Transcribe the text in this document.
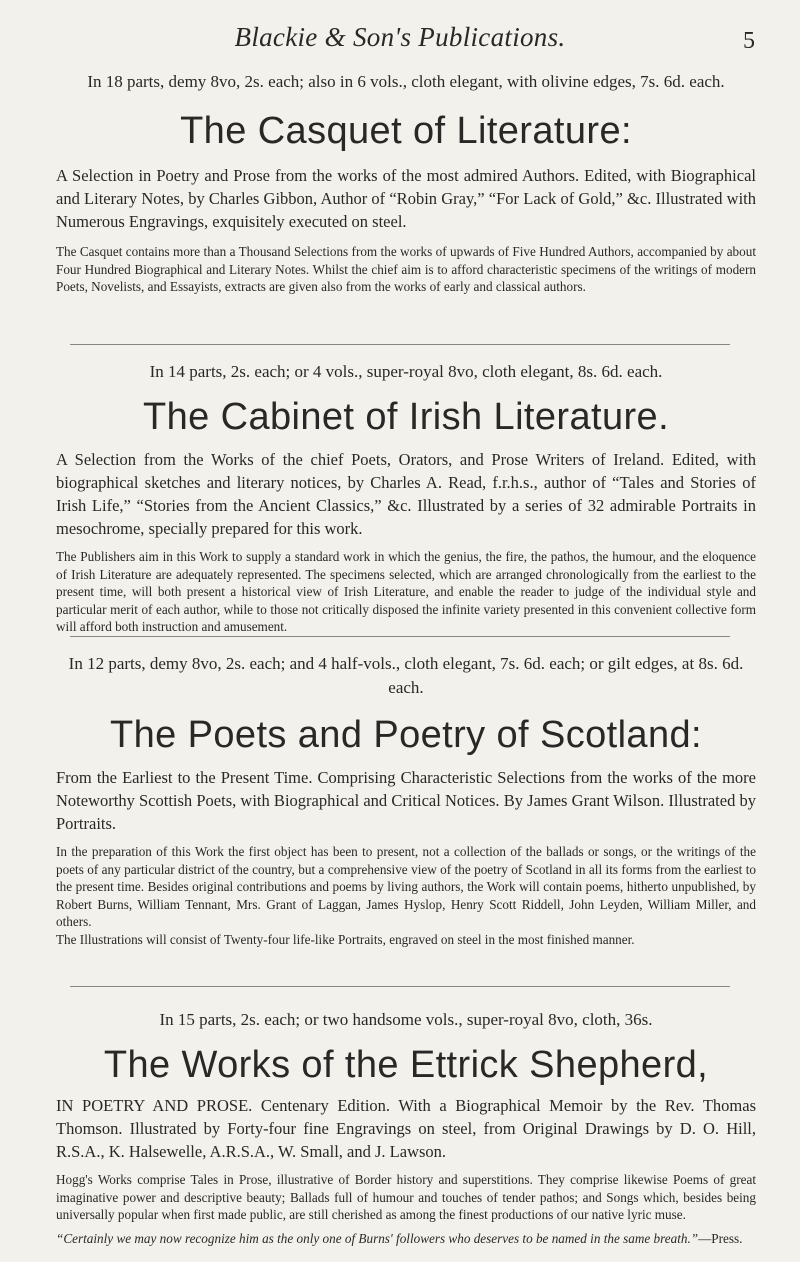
Blackie & Son's Publications.	5

In 18 parts, demy 8vo, 2s. each; also in 6 vols., cloth elegant, with olivine edges, 7s. 6d. each.

The Casquet of Literature:

A Selection in Poetry and Prose from the works of the most admired Authors. Edited, with Biographical and Literary Notes, by Charles Gibbon, Author of “Robin Gray,” “For Lack of Gold,” &c. Illustrated with Numerous Engravings, exquisitely executed on steel.

The Casquet contains more than a Thousand Selections from the works of upwards of Five Hundred Authors, accompanied by about Four Hundred Biographical and Literary Notes. Whilst the chief aim is to afford characteristic specimens of the writings of modern Poets, Novelists, and Essayists, extracts are given also from the works of early and classical authors.

In 14 parts, 2s. each; or 4 vols., super-royal 8vo, cloth elegant, 8s. 6d. each.

The Cabinet of Irish Literature.

A Selection from the Works of the chief Poets, Orators, and Prose Writers of Ireland. Edited, with biographical sketches and literary notices, by Charles A. Read, f.r.h.s., author of “Tales and Stories of Irish Life,” “Stories from the Ancient Classics,” &c. Illustrated by a series of 32 admirable Portraits in mesochrome, specially prepared for this work.

The Publishers aim in this Work to supply a standard work in which the genius, the fire, the pathos, the humour, and the eloquence of Irish Literature are adequately represented. The specimens selected, which are arranged chronologically from the earliest to the present time, will both present a historical view of Irish Literature, and enable the reader to judge of the individual style and particular merit of each author, while to those not critically disposed the infinite variety presented in this convenient collective form will afford both instruction and amusement.

In 12 parts, demy 8vo, 2s. each; and 4 half-vols., cloth elegant, 7s. 6d. each; or gilt edges, at 8s. 6d. each.

The Poets and Poetry of Scotland:

From the Earliest to the Present Time. Comprising Characteristic Selections from the works of the more Noteworthy Scottish Poets, with Biographical and Critical Notices. By James Grant Wilson. Illustrated by Portraits.

In the preparation of this Work the first object has been to present, not a collection of the ballads or songs, or the writings of the poets of any particular district of the country, but a comprehensive view of the poetry of Scotland in all its forms from the earliest to the present time. Besides original contributions and poems by living authors, the Work will contain poems, hitherto unpublished, by Robert Burns, William Tennant, Mrs. Grant of Laggan, James Hyslop, Henry Scott Riddell, John Leyden, William Miller, and others.

The Illustrations will consist of Twenty-four life-like Portraits, engraved on steel in the most finished manner.

In 15 parts, 2s. each; or two handsome vols., super-royal 8vo, cloth, 36s.

The Works of the Ettrick Shepherd,

IN POETRY AND PROSE. Centenary Edition. With a Biographical Memoir by the Rev. Thomas Thomson. Illustrated by Forty-four fine Engravings on steel, from Original Drawings by D. O. Hill, R.S.A., K. Halsewelle, A.R.S.A., W. Small, and J. Lawson.

Hogg's Works comprise Tales in Prose, illustrative of Border history and superstitions. They comprise likewise Poems of great imaginative power and descriptive beauty; Ballads full of humour and touches of tender pathos; and Songs which, besides being universally popular when first made public, are still cherished as among the finest productions of our native lyric muse.

“Certainly we may now recognize him as the only one of Burns' followers who deserves to be named in the same breath.”—Press.
